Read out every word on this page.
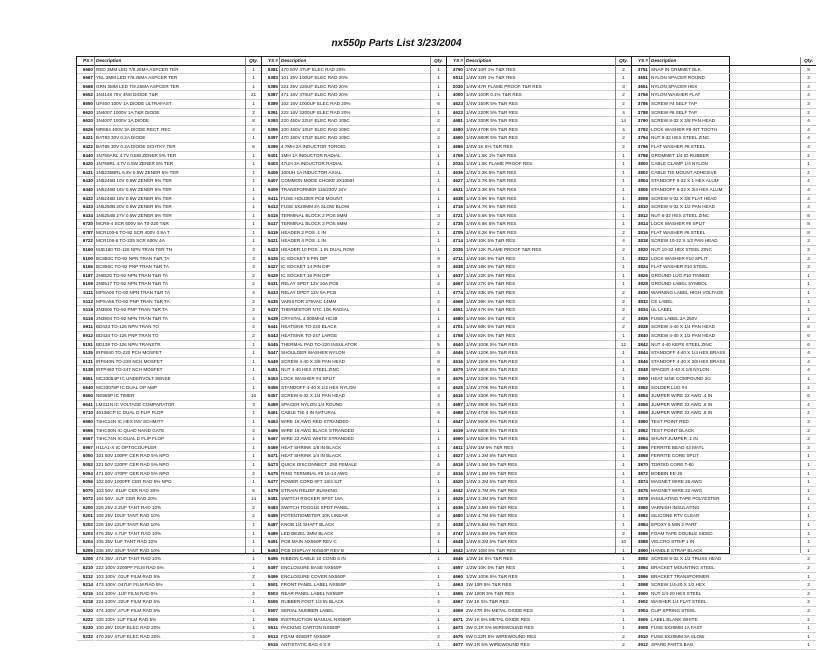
nx550p Parts List 3/23/2004
PS #
5660
5667
5668
6652
6650
6620
6620
6526
6421
6422
6440
6420
6431
6430
6440
6432
6433
6434
6720
6787
6722
5160
5100
5165
5187
5108
5111
5112
5118
5116
6911
6912
5151
5135
6131
5138
6651
5640
6560
6641
6710
6560
6565
6567
6967
5050
5052
5054
5056
5070
5072
5200
5201
5202
5203
5204
5205
5206
5210
5212
5214
5216
5218
5220
5222
5230
5232
Description
RED 3MM LED T/9.25MA ASPCER TER
YEL 3MM LED T/9.25MA ASPCER TER
GRN 3MM LED T/9.25MA ASPCER TER
1N4148 75V 4NS DIODE T&R
UF400 100V 1A DIODE ULTRAFAST
1N4007 1000V 1A T&R DIODE
1N4007 1000V 1A DIODE
MR854 400V 3A DIODE RECT. REC
BAT83 30V 0.2A DIODE
BAT85 30V 0.2A DIODE SCHTKY TER
1N750ARL 4.7V 0.5W ZENER 5% TER
1N758RL 4.7V 0.5W ZENER 5% TER
1N5235BRL 6.8V 0.5W ZENER 5% TER
1N5245B 10V 0.5W ZENER 5% TER
1N5246B 16V 0.5W ZENER 5% TER
1N5248B 18V 0.5W ZENER 5% TER
1N5250B 20V 0.5W ZENER 5% TER
1N5254B 27V 0.5W ZENER 5% TER
MCR8-4 SCR 600V 8A T0-220 T&R
MCR100-6 TO-92 SCR 400V 0.8A T
MCR106-8 TO-225 SCR 600V 4A
MJE180 TO-126 NPN TRAN TER TN
BC850C TO-92 NPN TRAN T&R TA
BC856C TO-92 PNP TRAN T&R TA
2N6520 TO-92 NPN TRAN T&R TA
2N6517 TO-92 NPN TRAN T&R TA
MPSA06 TO-92 NPN TRAN T&R TA
MPSA56 TO-92 PNP TRAN T&R TA
2N3906 TO-92 PNP TRAN T&R TA
2N3904 TO-92 NPN TRAN T&R TA
BD433 TO-126 NPN TRAN TO
BD434 TO-126 PNP TRAN TO
BD139 TO-126 NPN TRANSTR
IRF9540 TO-220 PCH MOSFET
IRF640N TO-220 NCH MOSFET
IRFP460 TO-247 NCH MOSFET
MC33064P IC UNDERVOLT SENSE
MC33078P IC DUAL OP AMP
NE555P IC TIMER
LM311N IC VOLTAGE COMPARATOR
4013BCP IC DUAL D FLIP FLOP
74HC14N IC HEX INV SCHMITT
74HC00N IC QUAD NAND GATE
74HC74N IC DUAL D FLIP FLOP
H11A1-X IC OPTOCOUPLER
101 50V 100PF CER RAD 5% NPO
221 50V 220PF CER RAD 5% NPO
471 50V 470PF CER RAD 5% NPO
102 50V 1000PF CER RAD 5% NPO
103 50V .01UF CER RAD 20%
104 50V .1UF CER RAD 20%
225 25V 2.2UF TANT RAD 10%
106 25V 10UF TANT RAD 10%
226 16V 22UF TANT RAD 10%
475 35V 4.7UF TANT RAD 10%
105 35V 1UF TANT RAD 10%
336 16V 33UF TANT RAD 10%
474 35V .47UF TANT RAD 10%
222 100V 2200PF FILM RAD 5%
103 100V .01UF FILM RAD 5%
473 100V .047UF FILM RAD 5%
104 100V .1UF FILM RAD 5%
224 100V .22UF FILM RAD 5%
474 100V .47UF FILM RAD 5%
105 100V 1UF FILM RAD 5%
100 35V 10UF ELEC RAD 20%
470 25V 47UF ELEC RAD 20%
Qty.
1
1
1
21
1
2
8
4
1
6
1
1
1
1
1
1
1
1
1
1
1
3
3
3
2
2
4
2
2
4
2
2
1
1
1
1
1
1
16
3
1
1
2
1
1
1
1
2
1
5
14
2
2
1
1
1
1
1
1
2
1
2
1
1
1
1
2
YS #
5381
5383
5385
5387
5389
5391
5393
5395
5397
5399
5401
5403
5405
5407
5409
5411
5413
5415
5417
5419
5421
5423
5425
5427
5429
5431
5433
5435
5437
5439
5441
5443
5445
5447
5449
5451
5453
5455
5457
5459
5461
5463
5465
5467
5469
5471
5473
5475
5477
5479
5481
5483
5485
5487
5489
5491
5493
5495
5497
5499
5501
5503
5505
5507
5509
5511
5513
5515
Description
470 50V 47UF ELEC RAD 20%
101 25V 100UF ELEC RAD 20%
221 25V 220UF ELEC RAD 20%
471 16V 470UF ELEC RAD 20%
102 16V 1000UF ELEC RAD 20%
222 16V 2200UF ELEC RAD 20%
220 450V 22UF ELEC RAD 105C
100 450V 10UF ELEC RAD 105C
470 160V 47UF ELEC RAD 105C
4.7MH 2A INDUCTOR TOROID
1MH 1A INDUCTOR RADIAL
47UH 3A INDUCTOR RADIAL
100UH 1A INDUCTOR AXIAL
COMMON MODE CHOKE 2X10MH
TRANSFORMER 115/230V 24V
FUSE HOLDER PCB MOUNT
FUSE 5X20MM 2A SLOW BLOW
TERMINAL BLOCK 2 POS 5MM
TERMINAL BLOCK 3 POS 5MM
HEADER 2 POS .1 IN
HEADER 4 POS .1 IN
HEADER 10 POS .1 IN DUAL ROW
IC SOCKET 8 PIN DIP
IC SOCKET 14 PIN DIP
IC SOCKET 16 PIN DIP
RELAY SPDT 12V 10A PCB
RELAY DPDT 12V 5A PCB
VARISTOR 275VAC 14MM
THERMISTOR NTC 10K RADIAL
CRYSTAL 4.000MHZ HC49
HEATSINK TO-220 BLACK
HEATSINK TO-247 LARGE
THERMAL PAD TO-220 INSULATOR
SHOULDER WASHER NYLON
SCREW 4-40 X 3/8 PAN HEAD
NUT 4-40 HEX STEEL ZINC
LOCK WASHER #4 SPLIT
STANDOFF 4-40 X 1/2 HEX NYLON
SCREW 6-32 X 1/4 PAN HEAD
SPACER NYLON 1/4 ROUND
CABLE TIE 4 IN NATURAL
WIRE 18 AWG RED STRANDED
WIRE 18 AWG BLACK STRANDED
WIRE 22 AWG WHITE STRANDED
HEAT SHRINK 1/8 IN BLACK
HEAT SHRINK 1/4 IN BLACK
QUICK DISCONNECT .250 FEMALE
RING TERMINAL #8 16-14 AWG
POWER CORD 6FT 18/3 SJT
STRAIN RELIEF BUSHING
SWITCH ROCKER SPST 16A
SWITCH TOGGLE SPDT PANEL
POTENTIOMETER 10K LINEAR
KNOB 1/4 SHAFT BLACK
LED BEZEL 3MM BLACK
PCB MAIN NX550P REV C
PCB DISPLAY NX550P REV B
RIBBON CABLE 10 COND 6 IN
ENCLOSURE BASE NX550P
ENCLOSURE COVER NX550P
FRONT PANEL LABEL NX550P
REAR PANEL LABEL NX550P
RUBBER FOOT 1/2 IN BLACK
SERIAL NUMBER LABEL
INSTRUCTION MANUAL NX550P
PACKING CARTON NX550P
FOAM INSERT NX550P
ANTISTATIC BAG 6 X 8
Qty.
1
1
1
1
6
1
2
2
2
1
1
1
1
1
1
1
1
3
2
1
1
1
9
3
1
2
1
2
1
1
4
1
5
5
8
8
8
4
4
4
6
1
1
1
1
1
6
2
1
1
1
1
2
2
3
1
1
1
1
1
1
1
4
1
1
1
2
1
YS #
4790
5011
2030
4000
4623
4623
4681
4680
4690
4686
4769
2034
4636
4627
4631
4638
4716
4721
4735
4705
4714
2035
4711
4638
4637
4667
4774
4668
4651
4680
4701
4768
4640
4646
4616
4679
4676
4625
4616
4687
4688
4647
4639
4690
4611
4627
4619
4616
4620
4642
4629
4636
4680
4638
4747
4648
4642
4646
4657
4660
4663
4665
4667
4669
4671
4673
4675
4677
Description
1/4W 10R 1% T&R RES
1/4W 22R 1% T&R RES
1/4W 47R FLAME PROOF T&R RES
1/4W 100R 0.1% T&R RES
1/4W 150R 5% T&R RES
1/4W 220R 5% T&R RES
1/4W 330R 5% T&R RES
1/4W 470R 5% T&R RES
1/4W 680R 5% T&R RES
1/4W 1K 5% T&R RES
1/4W 1.5K 1% T&R RES
1/4W 1.8K FLAME PROOF RES
1/4W 2.2K 5% T&R RES
1/4W 2.7K 5% T&R RES
1/4W 3.3K 5% T&R RES
1/4W 3.9K 5% T&R RES
1/4W 4.7K 5% T&R RES
1/4W 5.6K 5% T&R RES
1/4W 6.8K 5% T&R RES
1/4W 8.2K 5% T&R RES
1/4W 10K 5% T&R RES
1/4W 12K FLAME PROOF T&R RES
1/4W 15K 5% T&R RES
1/4W 18K 5% T&R RES
1/4W 22K 5% T&R RES
1/4W 27K 5% T&R RES
1/4W 33K 5% T&R RES
1/4W 39K 5% T&R RES
1/4W 47K 5% T&R RES
1/4W 56K 5% T&R RES
1/4W 68K 5% T&R RES
1/4W 82K 5% T&R RES
1/4W 100K 5% T&R RES
1/4W 120K 5% T&R RES
1/4W 150K 5% T&R RES
1/4W 180K 5% T&R RES
1/4W 220K 5% T&R RES
1/4W 270K 5% T&R RES
1/4W 330K 5% T&R RES
1/4W 390K 5% T&R RES
1/4W 470K 5% T&R RES
1/4W 560K 5% T&R RES
1/4W 680K 5% T&R RES
1/4W 820K 5% T&R RES
1/4W 1M 5% T&R RES
1/4W 1.2M 5% T&R RES
1/4W 1.5M 5% T&R RES
1/4W 1.8M 5% T&R RES
1/4W 2.2M 5% T&R RES
1/4W 2.7M 5% T&R RES
1/4W 3.3M 5% T&R RES
1/4W 3.9M 5% T&R RES
1/4W 4.7M 5% T&R RES
1/4W 5.6M 5% T&R RES
1/4W 6.8M 5% T&R RES
1/4W 8.2M 5% T&R RES
1/4W 10M 5% T&R RES
1/2W 1K 5% T&R RES
1/2W 10K 5% T&R RES
1/2W 100K 5% T&R RES
1W 10R 5% T&R RES
1W 100R 5% T&R RES
1W 1K 5% T&R RES
2W 47R 5% METAL OXIDE RES
2W 1K 5% METAL OXIDE RES
3W 0.1R 5% WIREWOUND RES
5W 0.22R 5% WIREWOUND RES
5W 1R 5% WIREWOUND RES
Qty.
2
1
3
2
2
4
14
4
2
2
1
1
1
1
1
1
1
1
1
2
4
2
1
1
1
1
2
2
2
2
2
1
12
1
1
1
1
1
1
1
1
1
1
1
1
1
1
1
1
1
1
1
1
1
2
10
1
1
1
1
1
1
1
1
1
1
2
2
YS #
3751
3651
3651
3756
3786
3788
3790
3792
3794
3796
3798
3800
3802
3804
3806
3808
3810
3812
3814
3816
3818
3820
3822
3824
3826
3828
3830
3832
3834
3836
3838
3840
3842
3844
3846
3848
3850
3852
3854
3856
3858
3860
3862
3864
3866
3868
3870
3872
3874
3876
3878
3880
3882
3884
3886
3888
3890
3892
3894
3896
3898
3900
3902
3904
3906
3908
3910
3912
Description
SNAP IN GRMMET BLK
NYLON SPACER ROUND
NYLON SPACER HEX
NYLON WASHER FLAT
SCREW #4 SELF TAP
SCREW #6 SELF TAP
SCREW 8-32 X 3/8 PAN HEAD
LOCK WASHER #8 INT TOOTH
NUT 8-32 HEX STEEL ZINC
FLAT WASHER #8 STEEL
GROMMET 1/4 ID RUBBER
CABLE CLAMP 1/4 NYLON
CABLE TIE MOUNT ADHESIVE
STANDOFF 6-32 X 1 HEX ALUM
STANDOFF 6-32 X 3/4 HEX ALUM
SCREW 6-32 X 3/8 FLAT HEAD
SCREW 6-32 X 1/2 PAN HEAD
NUT 6-32 HEX STEEL ZINC
LOCK WASHER #6 SPLIT
FLAT WASHER #6 STEEL
SCREW 10-32 X 1/2 PAN HEAD
NUT 10-32 HEX STEEL ZINC
LOCK WASHER #10 SPLIT
FLAT WASHER #10 STEEL
GROUND LUG #10 TINNED
GROUND LABEL SYMBOL
WARNING LABEL HIGH VOLTAGE
CE LABEL
UL LABEL
FUSE LABEL 2A 250V
SCREW 4-40 X 1/4 PAN HEAD
SCREW 4-40 X 1/2 PAN HEAD
NUT 4-40 KEPS STEEL ZINC
STANDOFF 4-40 X 1/4 HEX BRASS
STANDOFF 4-40 X 3/8 HEX BRASS
SPACER 4-40 X 1/8 NYLON
HEAT SINK COMPOUND 2G
SOLDER LUG #4
JUMPER WIRE 22 AWG .4 IN
JUMPER WIRE 22 AWG .6 IN
JUMPER WIRE 22 AWG .8 IN
TEST POINT RED
TEST POINT BLACK
SHUNT JUMPER .1 IN
FERRITE BEAD 43 MATL
FERRITE CORE SPLIT
TOROID CORE T-80
BOBBIN EE-25
MAGNET WIRE 26 AWG
MAGNET WIRE 22 AWG
INSULATING TAPE POLYESTER
VARNISH INSULATING
SILICONE RTV CLEAR
EPOXY 5 MIN 2 PART
FOAM TAPE DOUBLE SIDED
VELCRO STRIP 1 IN
HANDLE STRAP BLACK
SCREW 8-32 X 1/2 TRUSS HEAD
BRACKET MOUNTING STEEL
BRACKET TRANSFORMER
SCREW 1/4-20 X 1/2 HEX
NUT 1/4-20 HEX STEEL
WASHER 1/4 FLAT STEEL
CLIP SPRING STEEL
LABEL BLANK WHITE
FUSE 5X20MM 1A FAST
FUSE 5X20MM 3A SLOW
SPARE PARTS BAG
Qty.
9
2
4
4
3
2
4
4
4
4
2
1
2
4
4
4
4
8
8
8
2
2
2
2
1
1
1
1
1
1
6
6
6
4
4
4
1
2
6
4
2
2
2
2
2
1
1
1
1
1
1
1
1
1
1
1
1
2
2
1
2
2
2
2
2
1
1
1
